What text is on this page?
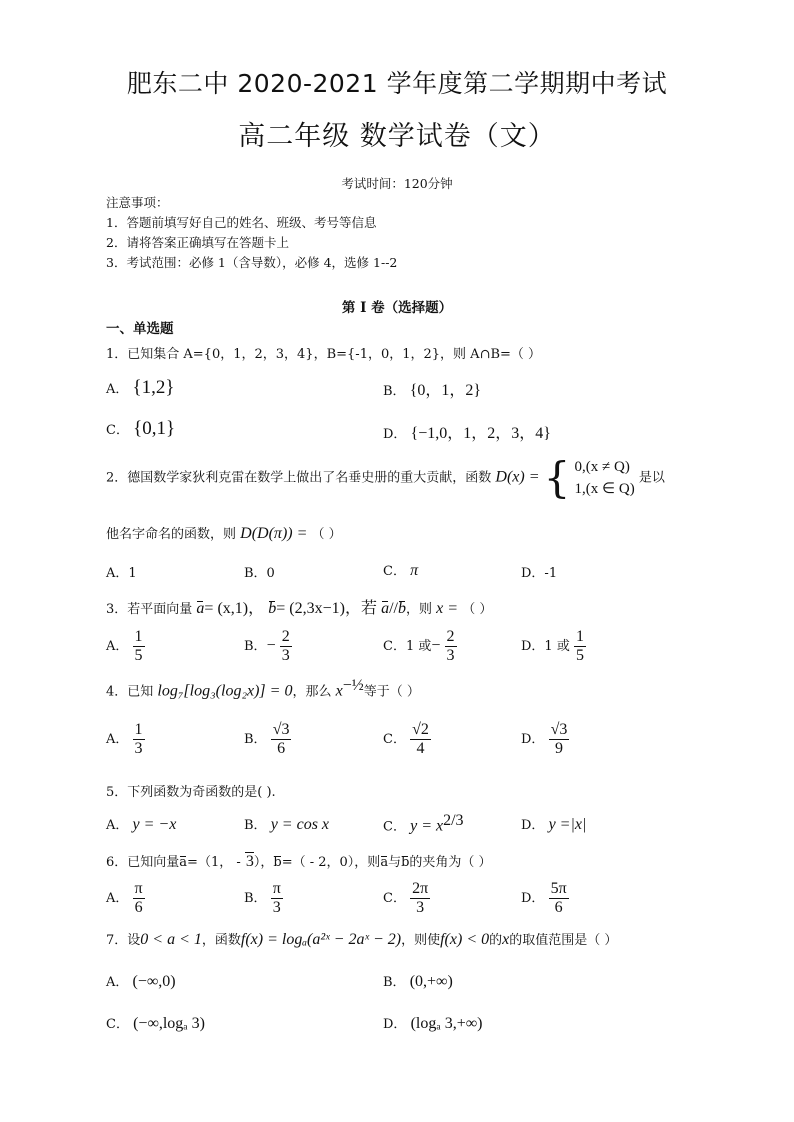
肥东二中 2020-2021 学年度第二学期期中考试
高二年级 数学试卷（文）
考试时间：120分钟
注意事项：
1．答题前填写好自己的姓名、班级、考号等信息
2．请将答案正确填写在答题卡上
3．考试范围：必修 1（含导数），必修 4，选修 1--2
第 I 卷（选择题）
一、单选题
1．已知集合 A={0，1，2，3，4}，B={-1，0，1，2}，则 A∩B=（ ）
A． {1,2}	B． {0，1，2}
C． {0,1}	D． {−1,0，1，2，3，4}
2．德国数学家狄利克雷在数学上做出了名垂史册的重大贡献，函数 D(x) = { 0,(x ≠ Q)
1,(x ∈ Q)
是以
他名字命名的函数，则 D(D(π)) = （ ）
A．1	B．0	C． π	D．-1
3．若平面向量 a= (x,1)， b= (2,3x−1)，若 a//b，则 x = （ ）
A． $\frac{1}{5}$	B．− $\frac{2}{3}$	C．1 或− $\frac{2}{3}$	D．1 或 $\frac{1}{5}$
4．已知 log₇[log₃(log₂x)] = 0，那么 $x^{-\frac{1}{2}}$等于（ ）
A． $\frac{1}{3}$	B． $\frac{√3}{6}$	C． $\frac{√2}{4}$	D． $\frac{√3}{9}$
5．下列函数为奇函数的是( ).
A． y = −x	B． y = cos x	C． $y = x^{2/3}$	D． y =|x|
6．已知向量a=（1， - 3），b=（ - 2，0），则a与b的夹角为（ ）
A． $\frac{\pi}{6}$	B． $\frac{\pi}{3}$	C． $\frac{2\pi}{3}$	D． $\frac{5\pi}{6}$
7．设0 < a < 1，函数f(x) = logₐ(a²ˣ − 2aˣ − 2)，则使f(x) < 0的x的取值范围是（ ）
A． (−∞,0)	B． (0,+∞)
C． (−∞,logₐ 3)	D． (logₐ 3,+∞)
